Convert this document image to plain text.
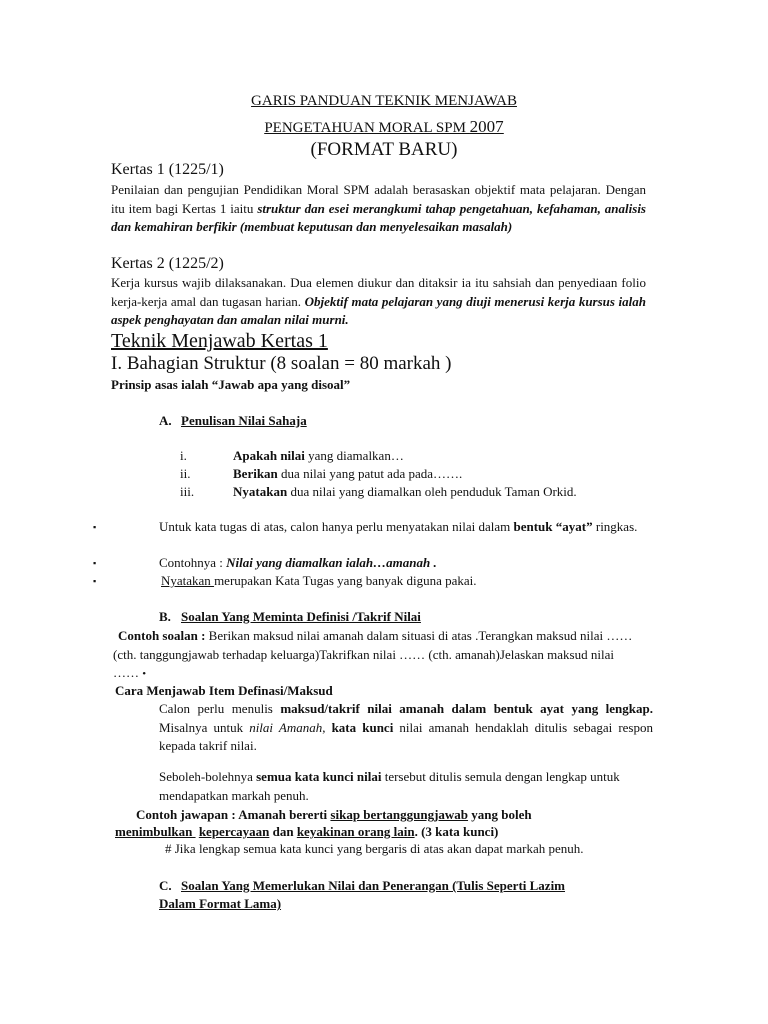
GARIS PANDUAN TEKNIK MENJAWAB
PENGETAHUAN MORAL SPM 2007
(FORMAT BARU)
Kertas 1 (1225/1)
Penilaian dan pengujian Pendidikan Moral SPM adalah berasaskan objektif mata pelajaran. Dengan itu item bagi Kertas 1 iaitu struktur dan esei merangkumi tahap pengetahuan, kefahaman, analisis dan kemahiran berfikir (membuat keputusan dan menyelesaikan masalah)
Kertas 2 (1225/2)
Kerja kursus wajib dilaksanakan. Dua elemen diukur dan ditaksir ia itu sahsiah dan penyediaan folio kerja-kerja amal dan tugasan harian. Objektif mata pelajaran yang diuji menerusi kerja kursus ialah aspek penghayatan dan amalan nilai murni.
Teknik Menjawab Kertas 1
I. Bahagian Struktur (8 soalan = 80 markah )
Prinsip asas ialah “Jawab apa yang disoal”
A. Penulisan Nilai Sahaja
i.	Apakah nilai yang diamalkan…
ii.	Berikan dua nilai yang patut ada pada…….
iii.	Nyatakan dua nilai yang diamalkan oleh penduduk Taman Orkid.
▪	Untuk kata tugas di atas, calon hanya perlu menyatakan nilai dalam bentuk “ayat” ringkas.
▪	Contohnya : Nilai yang diamalkan ialah…amanah .
▪	Nyatakan merupakan Kata Tugas yang banyak diguna pakai.
B. Soalan Yang Meminta Definisi /Takrif Nilai
Contoh soalan : Berikan maksud nilai amanah dalam situasi di atas .Terangkan maksud nilai …… (cth. tanggungjawab terhadap keluarga)Takrifkan nilai …… (cth. amanah)Jelaskan maksud nilai …… •
Cara Menjawab Item Definasi/Maksud
Calon perlu menulis maksud/takrif nilai amanah dalam bentuk ayat yang lengkap. Misalnya untuk nilai Amanah, kata kunci nilai amanah hendaklah ditulis sebagai respon kepada takrif nilai.
Seboleh-bolehnya semua kata kunci nilai tersebut ditulis semula dengan lengkap untuk mendapatkan markah penuh.
Contoh jawapan : Amanah bererti sikap bertanggungjawab yang boleh
menimbulkan  kepercayaan dan keyakinan orang lain. (3 kata kunci)
# Jika lengkap semua kata kunci yang bergaris di atas akan dapat markah penuh.
C. Soalan Yang Memerlukan Nilai dan Penerangan (Tulis Seperti Lazim
Dalam Format Lama)
